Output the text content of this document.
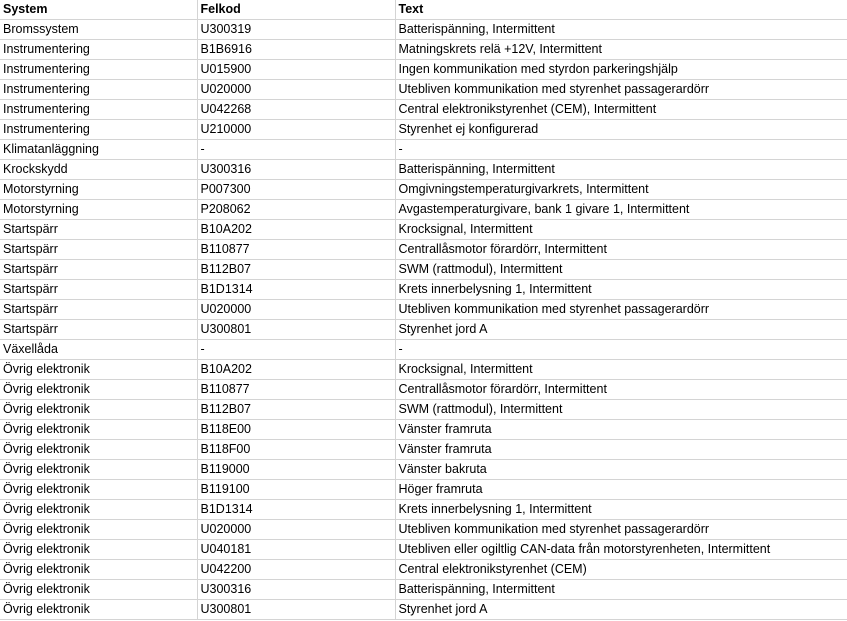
System	Felkod	Text
Bromssystem	U300319	Batterispänning, Intermittent
Instrumentering	B1B6916	Matningskrets relä +12V, Intermittent
Instrumentering	U015900	Ingen kommunikation med styrdon parkeringshjälp
Instrumentering	U020000	Utebliven kommunikation med styrenhet passagerardörr
Instrumentering	U042268	Central elektronikstyrenhet (CEM), Intermittent
Instrumentering	U210000	Styrenhet ej konfigurerad
Klimatanläggning	-	-
Krockskydd	U300316	Batterispänning, Intermittent
Motorstyrning	P007300	Omgivningstemperaturgivarkrets, Intermittent
Motorstyrning	P208062	Avgastemperaturgivare, bank 1 givare 1, Intermittent
Startspärr	B10A202	Krocksignal, Intermittent
Startspärr	B110877	Centrallåsmotor förardörr, Intermittent
Startspärr	B112B07	SWM (rattmodul), Intermittent
Startspärr	B1D1314	Krets innerbelysning 1, Intermittent
Startspärr	U020000	Utebliven kommunikation med styrenhet passagerardörr
Startspärr	U300801	Styrenhet jord A
Växellåda	-	-
Övrig elektronik	B10A202	Krocksignal, Intermittent
Övrig elektronik	B110877	Centrallåsmotor förardörr, Intermittent
Övrig elektronik	B112B07	SWM (rattmodul), Intermittent
Övrig elektronik	B118E00	Vänster framruta
Övrig elektronik	B118F00	Vänster framruta
Övrig elektronik	B119000	Vänster bakruta
Övrig elektronik	B119100	Höger framruta
Övrig elektronik	B1D1314	Krets innerbelysning 1, Intermittent
Övrig elektronik	U020000	Utebliven kommunikation med styrenhet passagerardörr
Övrig elektronik	U040181	Utebliven eller ogiltlig CAN-data från motorstyrenheten, Intermittent
Övrig elektronik	U042200	Central elektronikstyrenhet (CEM)
Övrig elektronik	U300316	Batterispänning, Intermittent
Övrig elektronik	U300801	Styrenhet jord A
